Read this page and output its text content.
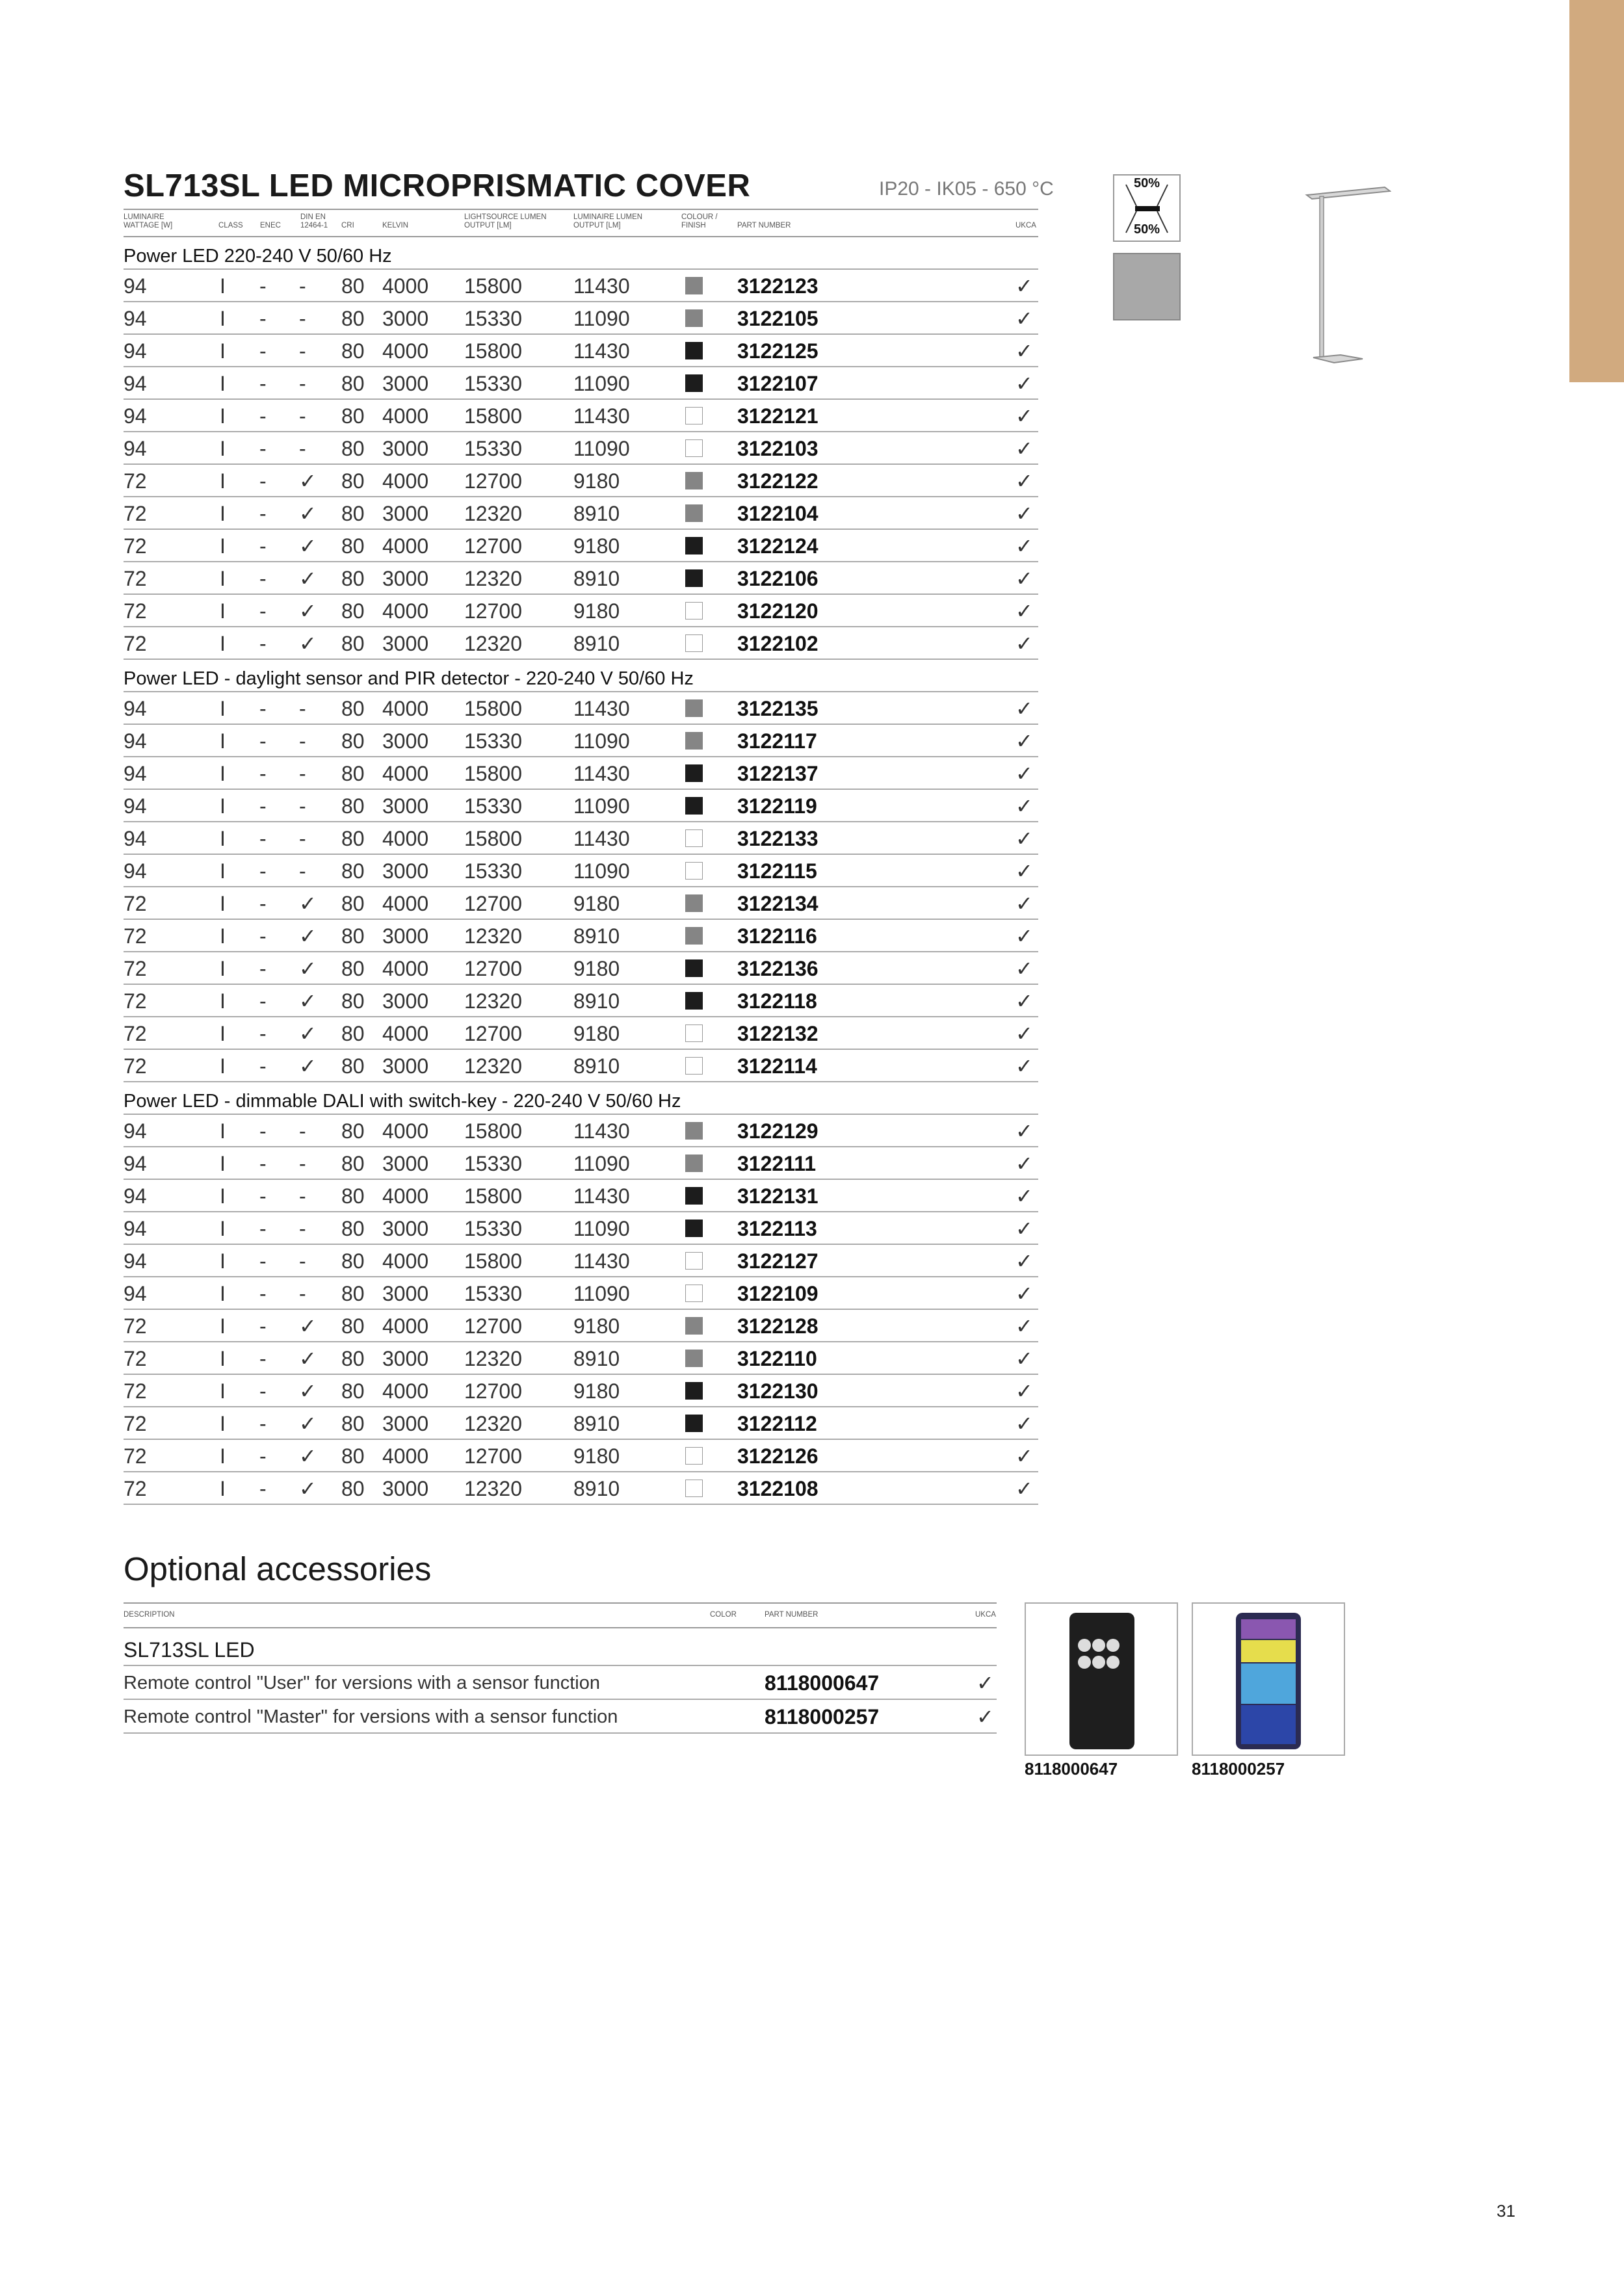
SL713SL LED MICROPRISMATIC COVER	IP20 - IK05 - 650 °C
LUMINAIRE WATTAGE [W]	CLASS ENEC
DIN EN 12464-1	CRI	KELVIN
LIGHTSOURCE LUMEN OUTPUT [LM]
LUMINAIRE LUMEN OUTPUT [LM]
COLOUR / FINISH	PART NUMBER	UKCA
Power LED 220-240 V 50/60 Hz
94	I - - 80 4000 15800 11430	3122123	✓
94	I - - 80 3000 15330 11090	3122105	✓
94	I - - 80 4000 15800 11430	3122125	✓
94	I - - 80 3000 15330 11090	3122107	✓
94	I - - 80 4000 15800 11430	3122121	✓
94	I - - 80 3000 15330 11090	3122103	✓
72	I - ✓ 80 4000 12700 9180	3122122	✓
72	I - ✓ 80 3000 12320 8910	3122104	✓
72	I - ✓ 80 4000 12700 9180	3122124	✓
72	I - ✓ 80 3000 12320 8910	3122106	✓
72	I - ✓ 80 4000 12700 9180	3122120	✓
72	I - ✓ 80 3000 12320 8910	3122102	✓
Power LED - daylight sensor and PIR detector - 220-240 V 50/60 Hz
94	I - - 80 4000 15800 11430	3122135	✓
94	I - - 80 3000 15330 11090	3122117	✓
94	I - - 80 4000 15800 11430	3122137	✓
94	I - - 80 3000 15330 11090	3122119	✓
94	I - - 80 4000 15800 11430	3122133	✓
94	I - - 80 3000 15330 11090	3122115	✓
72	I - ✓ 80 4000 12700 9180	3122134	✓
72	I - ✓ 80 3000 12320 8910	3122116	✓
72	I - ✓ 80 4000 12700 9180	3122136	✓
72	I - ✓ 80 3000 12320 8910	3122118	✓
72	I - ✓ 80 4000 12700 9180	3122132	✓
72	I - ✓ 80 3000 12320 8910	3122114	✓
Power LED - dimmable DALI with switch-key - 220-240 V 50/60 Hz
94	I - - 80 4000 15800 11430	3122129	✓
94	I - - 80 3000 15330 11090	3122111	✓
94	I - - 80 4000 15800 11430	3122131	✓
94	I - - 80 3000 15330 11090	3122113	✓
94	I - - 80 4000 15800 11430	3122127	✓
94	I - - 80 3000 15330 11090	3122109	✓
72	I - ✓ 80 4000 12700 9180	3122128	✓
72	I - ✓ 80 3000 12320 8910	3122110	✓
72	I - ✓ 80 4000 12700 9180	3122130	✓
72	I - ✓ 80 3000 12320 8910	3122112	✓
72	I - ✓ 80 4000 12700 9180	3122126	✓
72	I - ✓ 80 3000 12320 8910	3122108	✓
50%
50%
Optional accessories
DESCRIPTION	COLOR	PART NUMBER	UKCA
SL713SL LED
Remote control "User" for versions with a sensor function	8118000647	✓
Remote control "Master" for versions with a sensor function	8118000257	✓
8118000647	8118000257
31
